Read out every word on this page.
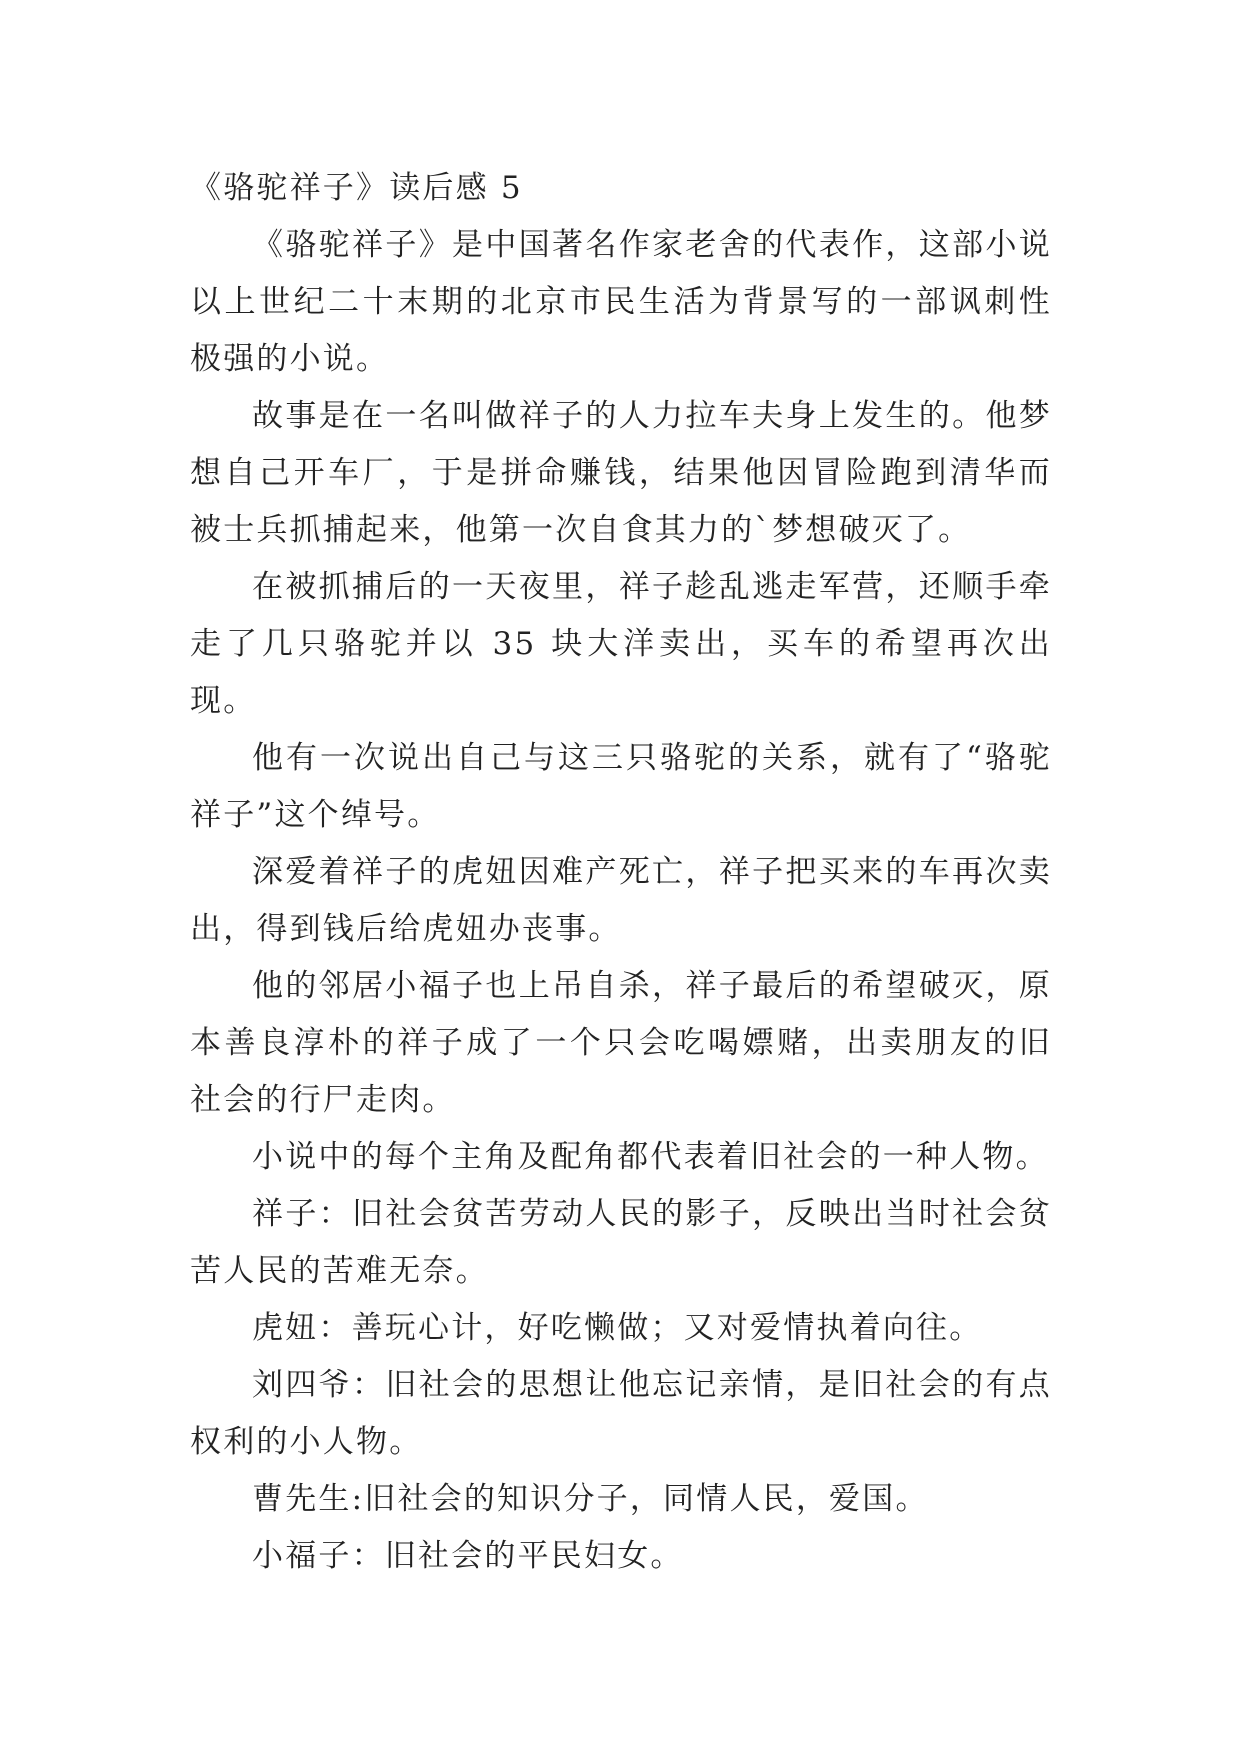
《骆驼祥子》读后感 5

《骆驼祥子》是中国著名作家老舍的代表作，这部小说以上世纪二十末期的北京市民生活为背景写的一部讽刺性极强的小说。

故事是在一名叫做祥子的人力拉车夫身上发生的。他梦想自己开车厂，于是拼命赚钱，结果他因冒险跑到清华而被士兵抓捕起来，他第一次自食其力的`梦想破灭了。

在被抓捕后的一天夜里，祥子趁乱逃走军营，还顺手牵走了几只骆驼并以 35 块大洋卖出，买车的希望再次出现。

他有一次说出自己与这三只骆驼的关系，就有了“骆驼祥子”这个绰号。

深爱着祥子的虎妞因难产死亡，祥子把买来的车再次卖出，得到钱后给虎妞办丧事。

他的邻居小福子也上吊自杀，祥子最后的希望破灭，原本善良淳朴的祥子成了一个只会吃喝嫖赌，出卖朋友的旧社会的行尸走肉。

小说中的每个主角及配角都代表着旧社会的一种人物。

祥子：旧社会贫苦劳动人民的影子，反映出当时社会贫苦人民的苦难无奈。

虎妞：善玩心计，好吃懒做；又对爱情执着向往。

刘四爷：旧社会的思想让他忘记亲情，是旧社会的有点权利的小人物。

曹先生:旧社会的知识分子，同情人民，爱国。

小福子：旧社会的平民妇女。
